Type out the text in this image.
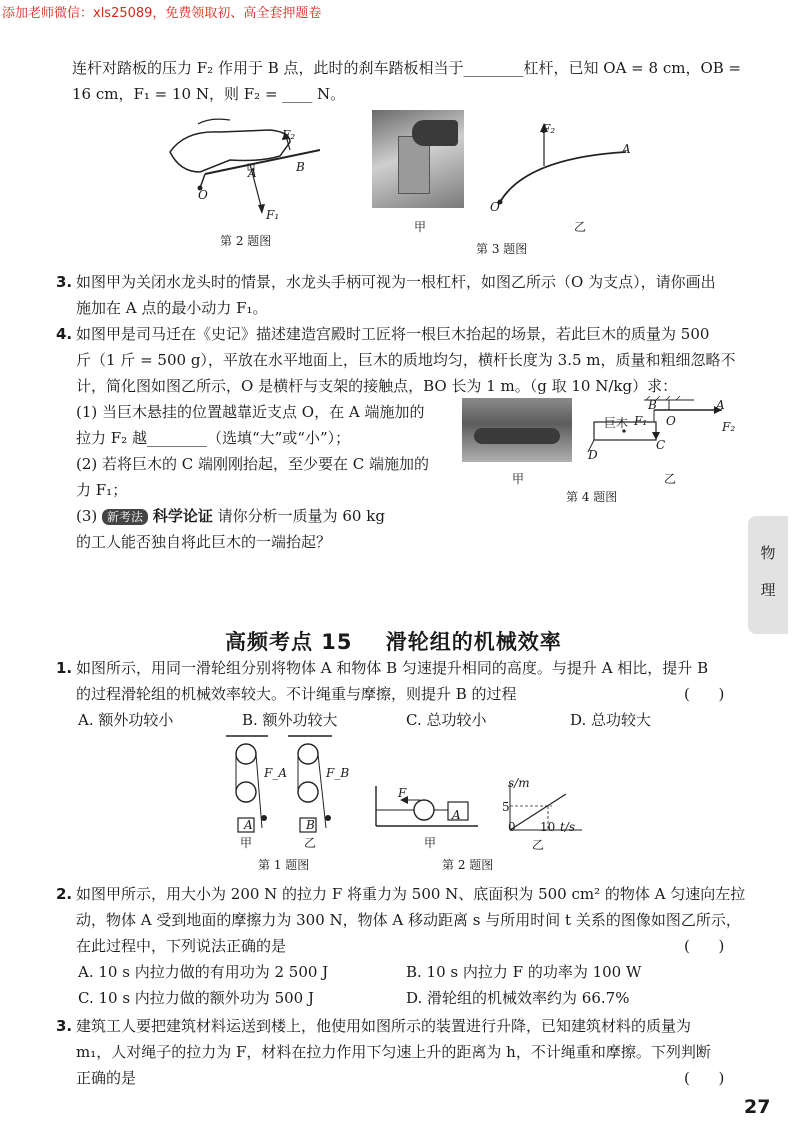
添加老师微信：xls25089，免费领取初、高全套押题卷
连杆对踏板的压力 F₂ 作用于 B 点，此时的刹车踏板相当于________杠杆，已知 OA = 8 cm，OB =
16 cm，F₁ = 10 N，则 F₂ = ____ N。
O
A	B
F₂
F₁
第 2 题图
甲
O
A
F₂
乙
第 3 题图
3. 如图甲为关闭水龙头时的情景，水龙头手柄可视为一根杠杆，如图乙所示（O 为支点），请你画出
施加在 A 点的最小动力 F₁。
4. 如图甲是司马迁在《史记》描述建造宫殿时工匠将一根巨木抬起的场景，若此巨木的质量为 500
斤（1 斤 = 500 g），平放在水平地面上，巨木的质地均匀，横杆长度为 3.5 m，质量和粗细忽略不
计，简化图如图乙所示，O 是横杆与支架的接触点，BO 长为 1 m。（g 取 10 N/kg）求：
(1) 当巨木悬挂的位置越靠近支点 O，在 A 端施加的
拉力 F₂ 越________（选填“大”或“小”）；
(2) 若将巨木的 C 端刚刚抬起，至少要在 C 端施加的
力 F₁；
(3) 新考法 科学论证 请你分析一质量为 60 kg
的工人能否独自将此巨木的一端抬起？
甲
巨木
B
O
A
F₂
F₁
D
C
乙
第 4 题图
物
理
高频考点 15    滑轮组的机械效率
1. 如图所示，用同一滑轮组分别将物体 A 和物体 B 匀速提升相同的高度。与提升 A 相比，提升 B
的过程滑轮组的机械效率较大。不计绳重与摩擦，则提升 B 的过程	(      )
A. 额外功较小	B. 额外功较大	C. 总功较小	D. 总功较大
A	B
F_A	F_B
甲	乙
第 1 题图
A
F
甲
s/m
5
0 10 t/s
乙
第 2 题图
2. 如图甲所示，用大小为 200 N 的拉力 F 将重力为 500 N、底面积为 500 cm² 的物体 A 匀速向左拉
动，物体 A 受到地面的摩擦力为 300 N，物体 A 移动距离 s 与所用时间 t 关系的图像如图乙所示，
在此过程中，下列说法正确的是	(      )
A. 10 s 内拉力做的有用功为 2 500 J	B. 10 s 内拉力 F 的功率为 100 W
C. 10 s 内拉力做的额外功为 500 J	D. 滑轮组的机械效率约为 66.7%
3. 建筑工人要把建筑材料运送到楼上，他使用如图所示的装置进行升降，已知建筑材料的质量为
m₁，人对绳子的拉力为 F，材料在拉力作用下匀速上升的距离为 h，不计绳重和摩擦。下列判断
正确的是	(      )
27
